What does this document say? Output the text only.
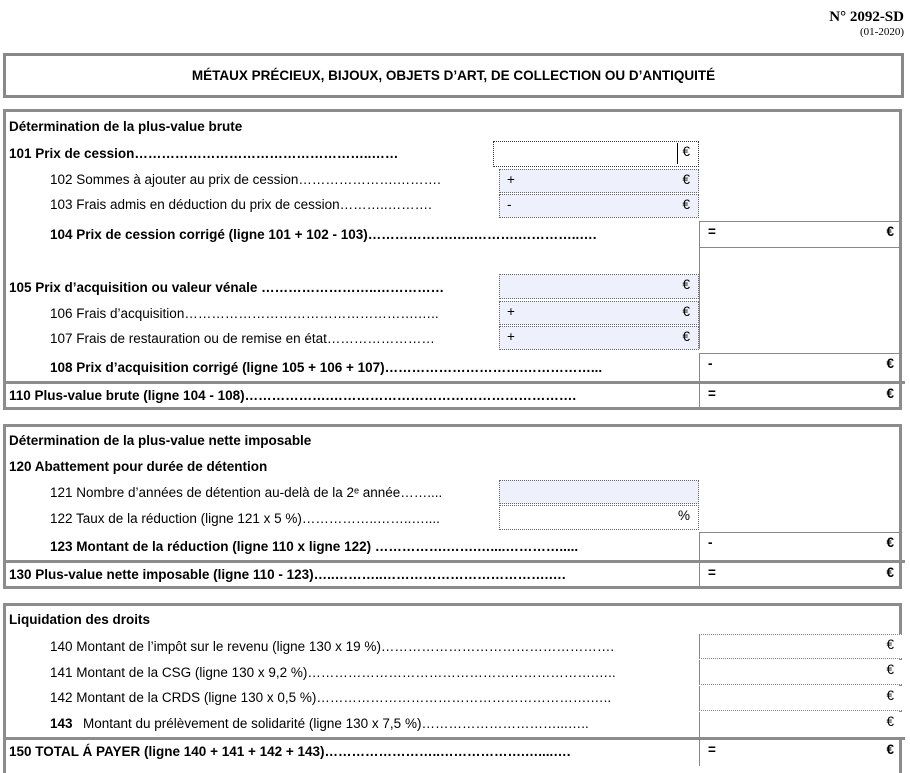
N° 2092-SD
(01-2020)
MÉTAUX PRÉCIEUX, BIJOUX, OBJETS D’ART, DE COLLECTION OU D’ANTIQUITÉ
Détermination de la plus-value brute
101 Prix de cession……………………………………………..……	€
102 Sommes à ajouter au prix de cession………………….……….	+	€
103 Frais admis en déduction du prix de cession………..……….	-	€
104 Prix de cession corrigé (ligne 101 + 102 - 103)……………….…..……….…………..….	=	€
105 Prix d’acquisition ou valeur vénale ……………………..……………	€
106 Frais d’acquisition…………………………………………….…..	+	€
107 Frais de restauration ou de remise en état……………………	+	€
108 Prix d’acquisition corrigé (ligne 105 + 106 + 107)………………………….……………...	-	€
110 Plus-value brute (ligne 104 - 108)……………….……………………………………………….	=	€
Détermination de la plus-value nette imposable
120 Abattement pour durée de détention
121 Nombre d’années de détention au-delà de la 2ᵉ année……....
122 Taux de la réduction (ligne 121 x 5 %)……………..……..…....	%
123 Montant de la réduction (ligne 110 x ligne 122) …………….…….…....………….....	-	€
130 Plus-value nette imposable (ligne 110 - 123)…..………..……………………………….….	=	€
Liquidation des droits
140 Montant de l’impôt sur le revenu (ligne 130 x 19 %)…………………………………………….	€
141 Montant de la CSG (ligne 130 x 9,2 %)……………………………………………………….…..	€
142 Montant de la CRDS (ligne 130 x 0,5 %)…………………………………………………….…..	€
143 Montant du prélèvement de solidarité (ligne 130 x 7,5 %)…………………………...…..	€
150 TOTAL Á PAYER (ligne 140 + 141 + 142 + 143)……………………..……………….…....….	=	€
